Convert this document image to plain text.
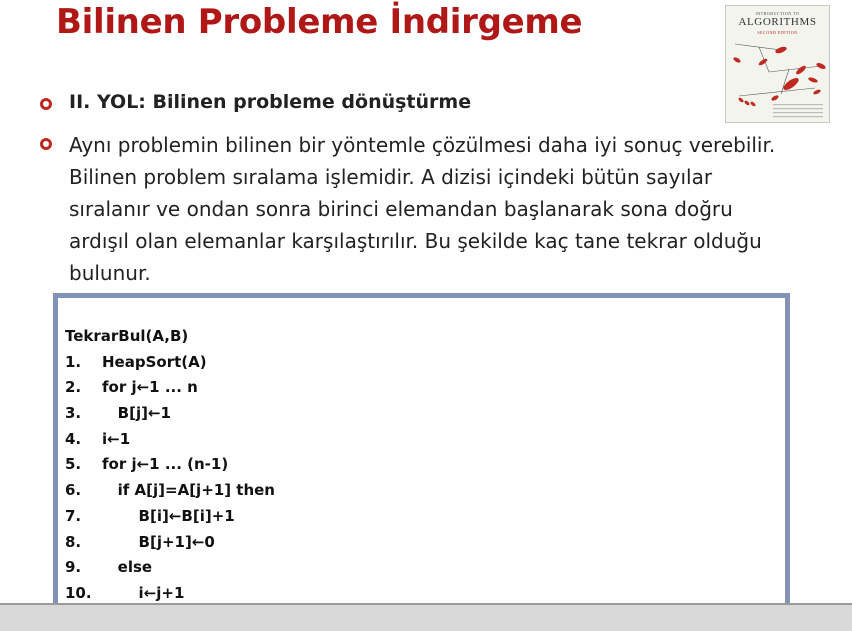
Bilinen Probleme İndirgeme	INTRODUCTION TO
ALGORITHMS
SECOND EDITION
II. YOL: Bilinen probleme dönüştürme
Aynı problemin bilinen bir yöntemle çözülmesi daha iyi sonuç verebilir. Bilinen problem sıralama işlemidir. A dizisi içindeki bütün sayılar sıralanır ve ondan sonra birinci elemandan başlanarak sona doğru ardışıl olan elemanlar karşılaştırılır. Bu şekilde kaç tane tekrar olduğu bulunur.
TekrarBul(A,B)
1. HeapSort(A)
2. for j←1 ... n
3.   B[j]←1
4. i←1
5. for j←1 ... (n-1)
6.   if A[j]=A[j+1] then
7.       B[i]←B[i]+1
8.       B[j+1]←0
9.   else
10.       i←j+1
